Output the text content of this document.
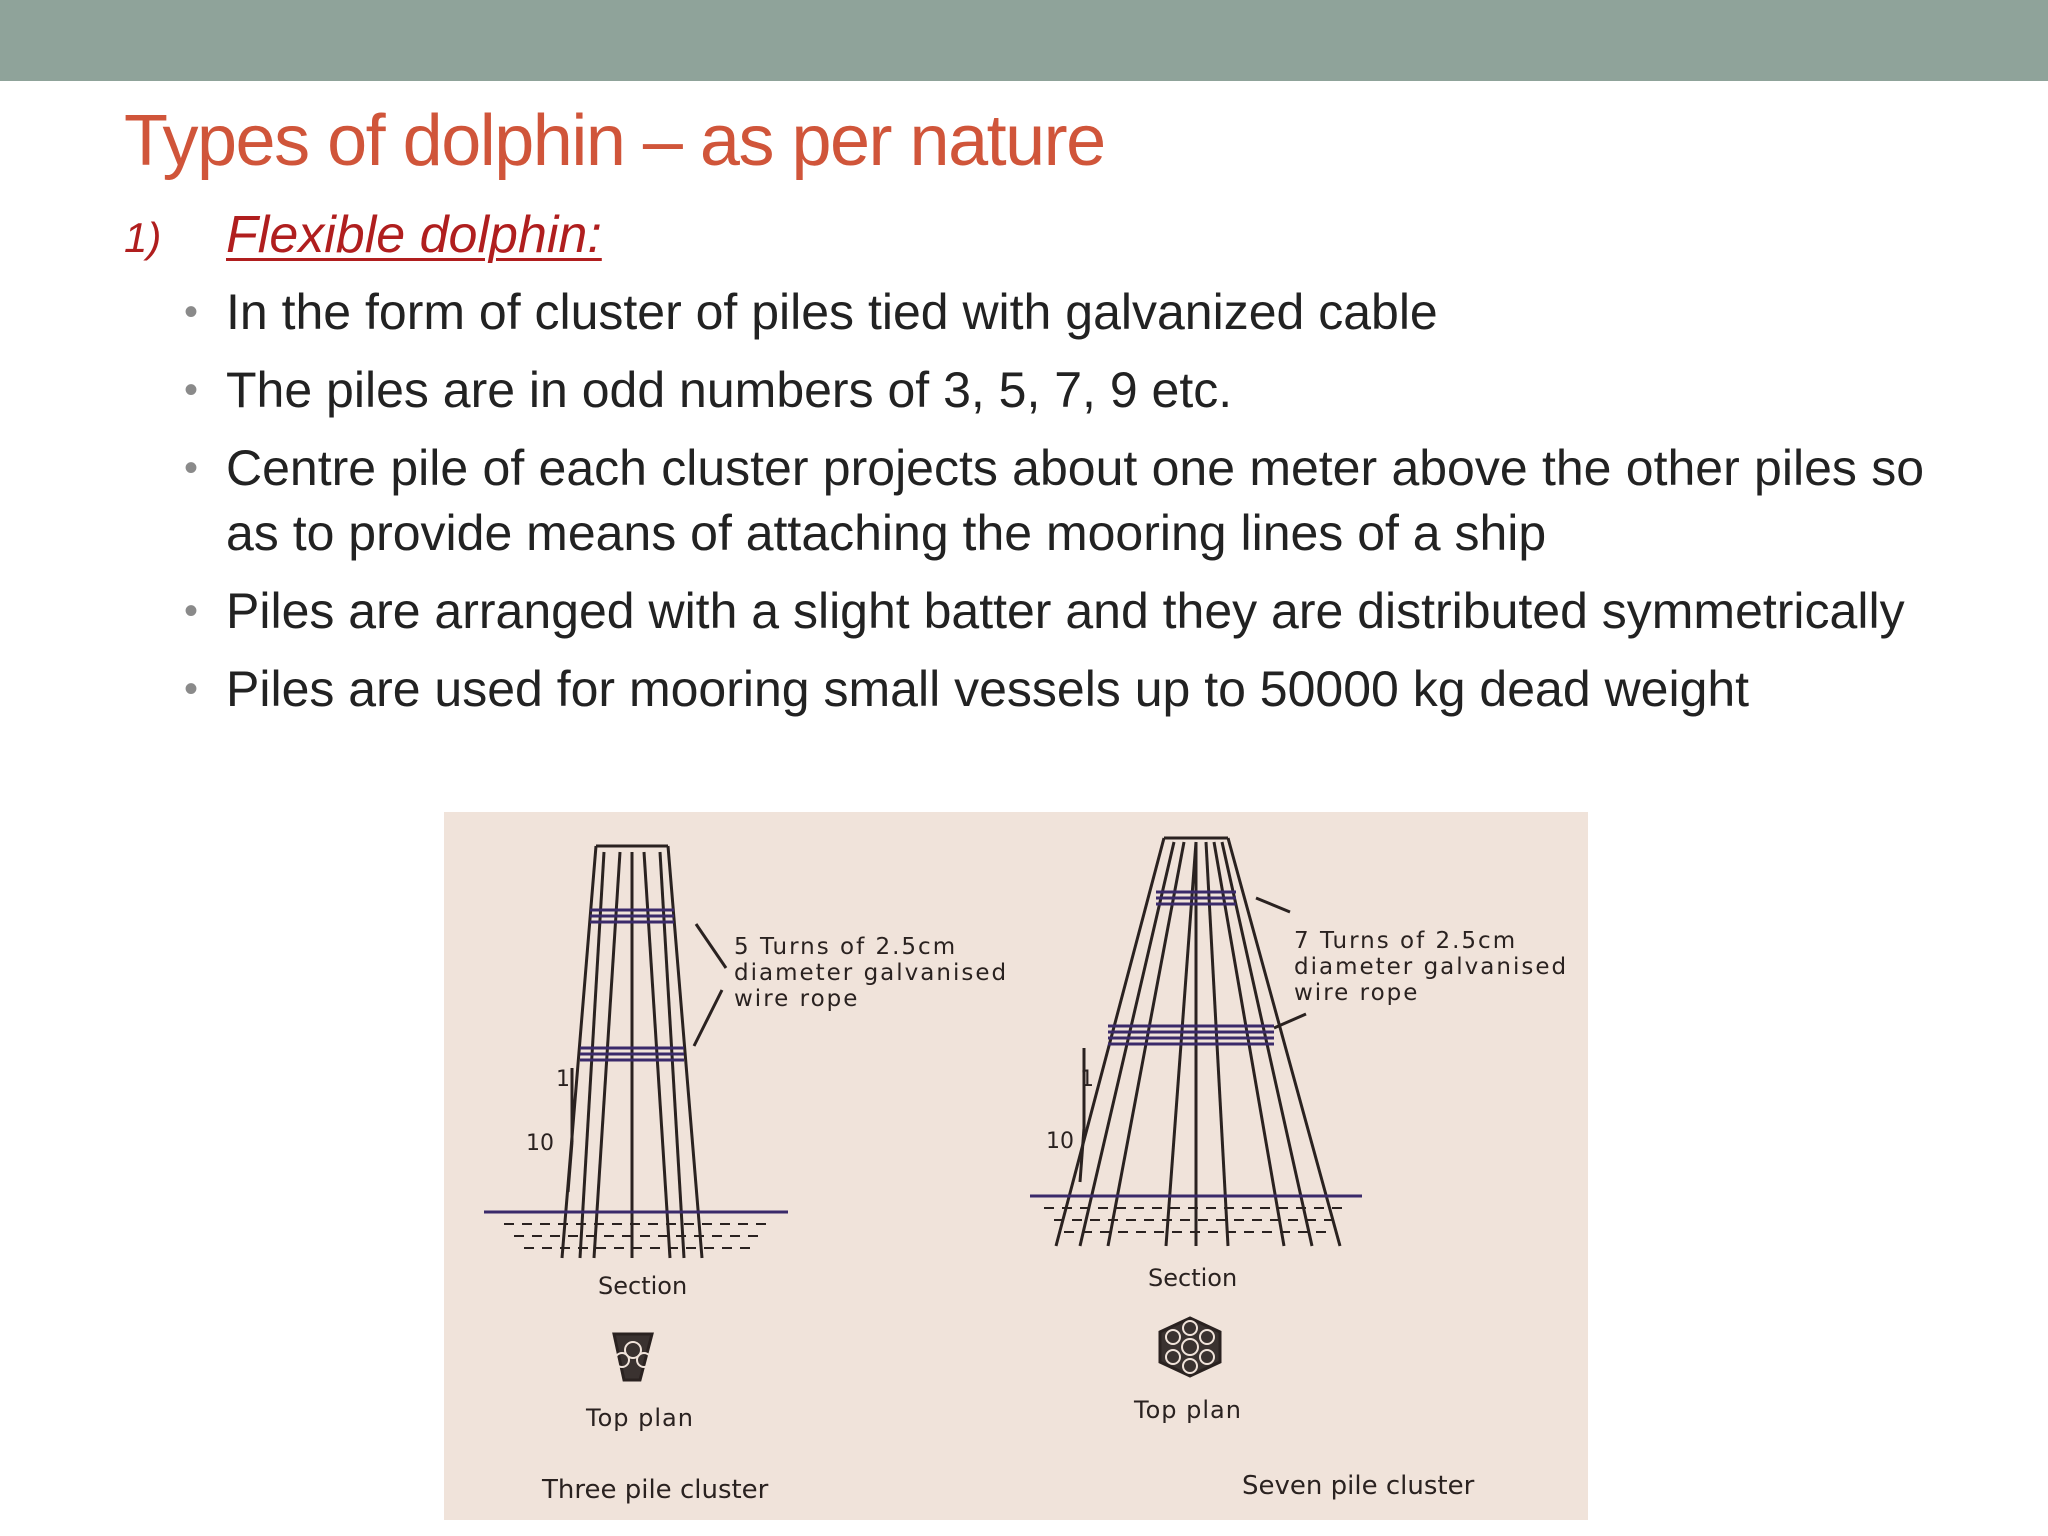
Types of dolphin – as per nature
1) Flexible dolphin:
• In the form of cluster of piles tied with galvanized cable
• The piles are in odd numbers of 3, 5, 7, 9 etc.
• Centre pile of each cluster projects about one meter above the other piles so as to provide means of attaching the mooring lines of a ship
• Piles are arranged with a slight batter and they are distributed symmetrically
• Piles are used for mooring small vessels up to 50000 kg dead weight
5 Turns of 2.5cm
diameter galvanised
wire rope
1
10
Section
Top plan
Three pile cluster
7 Turns of 2.5cm
diameter galvanised
wire rope
1
10
Section
Top plan
Seven pile cluster
